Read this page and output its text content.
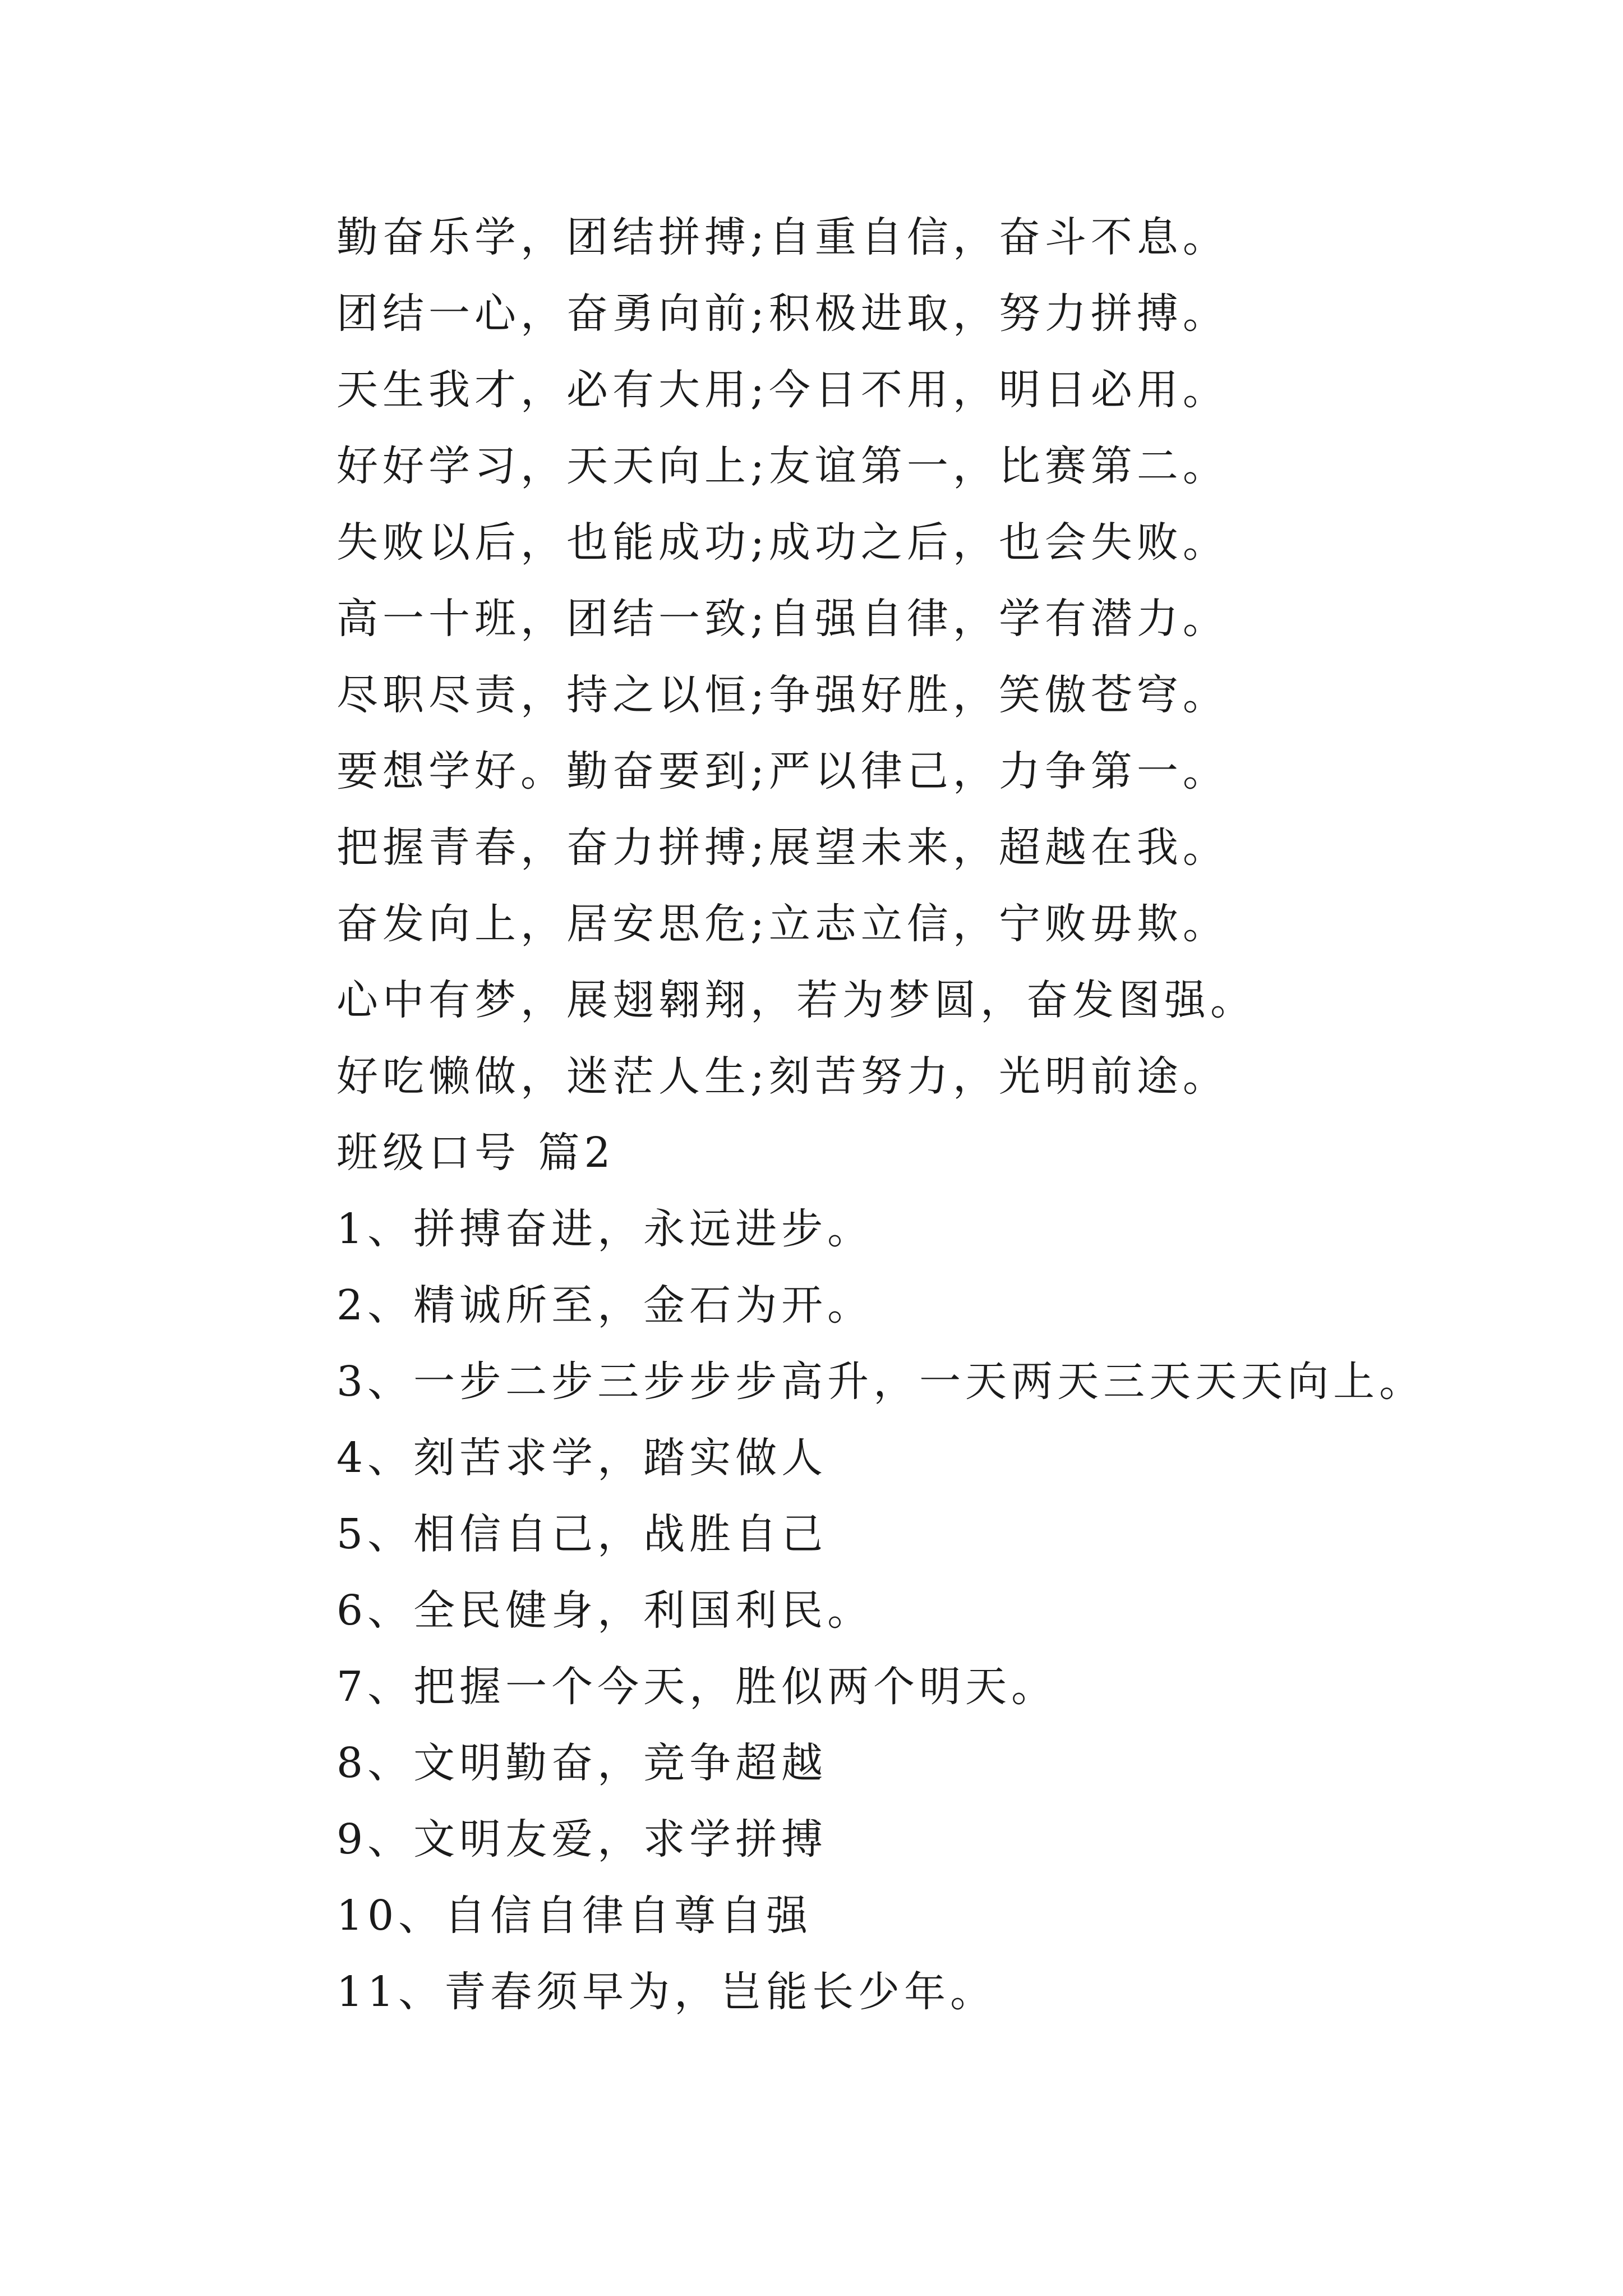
勤奋乐学，团结拼搏;自重自信，奋斗不息。
团结一心，奋勇向前;积极进取，努力拼搏。
天生我才，必有大用;今日不用，明日必用。
好好学习，天天向上;友谊第一，比赛第二。
失败以后，也能成功;成功之后，也会失败。
高一十班，团结一致;自强自律，学有潜力。
尽职尽责，持之以恒;争强好胜，笑傲苍穹。
要想学好。勤奋要到;严以律己，力争第一。
把握青春，奋力拼搏;展望未来，超越在我。
奋发向上，居安思危;立志立信，宁败毋欺。
心中有梦，展翅翱翔，若为梦圆，奋发图强。
好吃懒做，迷茫人生;刻苦努力，光明前途。
班级口号 篇2
1、拼搏奋进，永远进步。
2、精诚所至，金石为开。
3、一步二步三步步步高升，一天两天三天天天向上。
4、刻苦求学，踏实做人
5、相信自己，战胜自己
6、全民健身，利国利民。
7、把握一个今天，胜似两个明天。
8、文明勤奋，竞争超越
9、文明友爱，求学拼搏
10、自信自律自尊自强
11、青春须早为，岂能长少年。
